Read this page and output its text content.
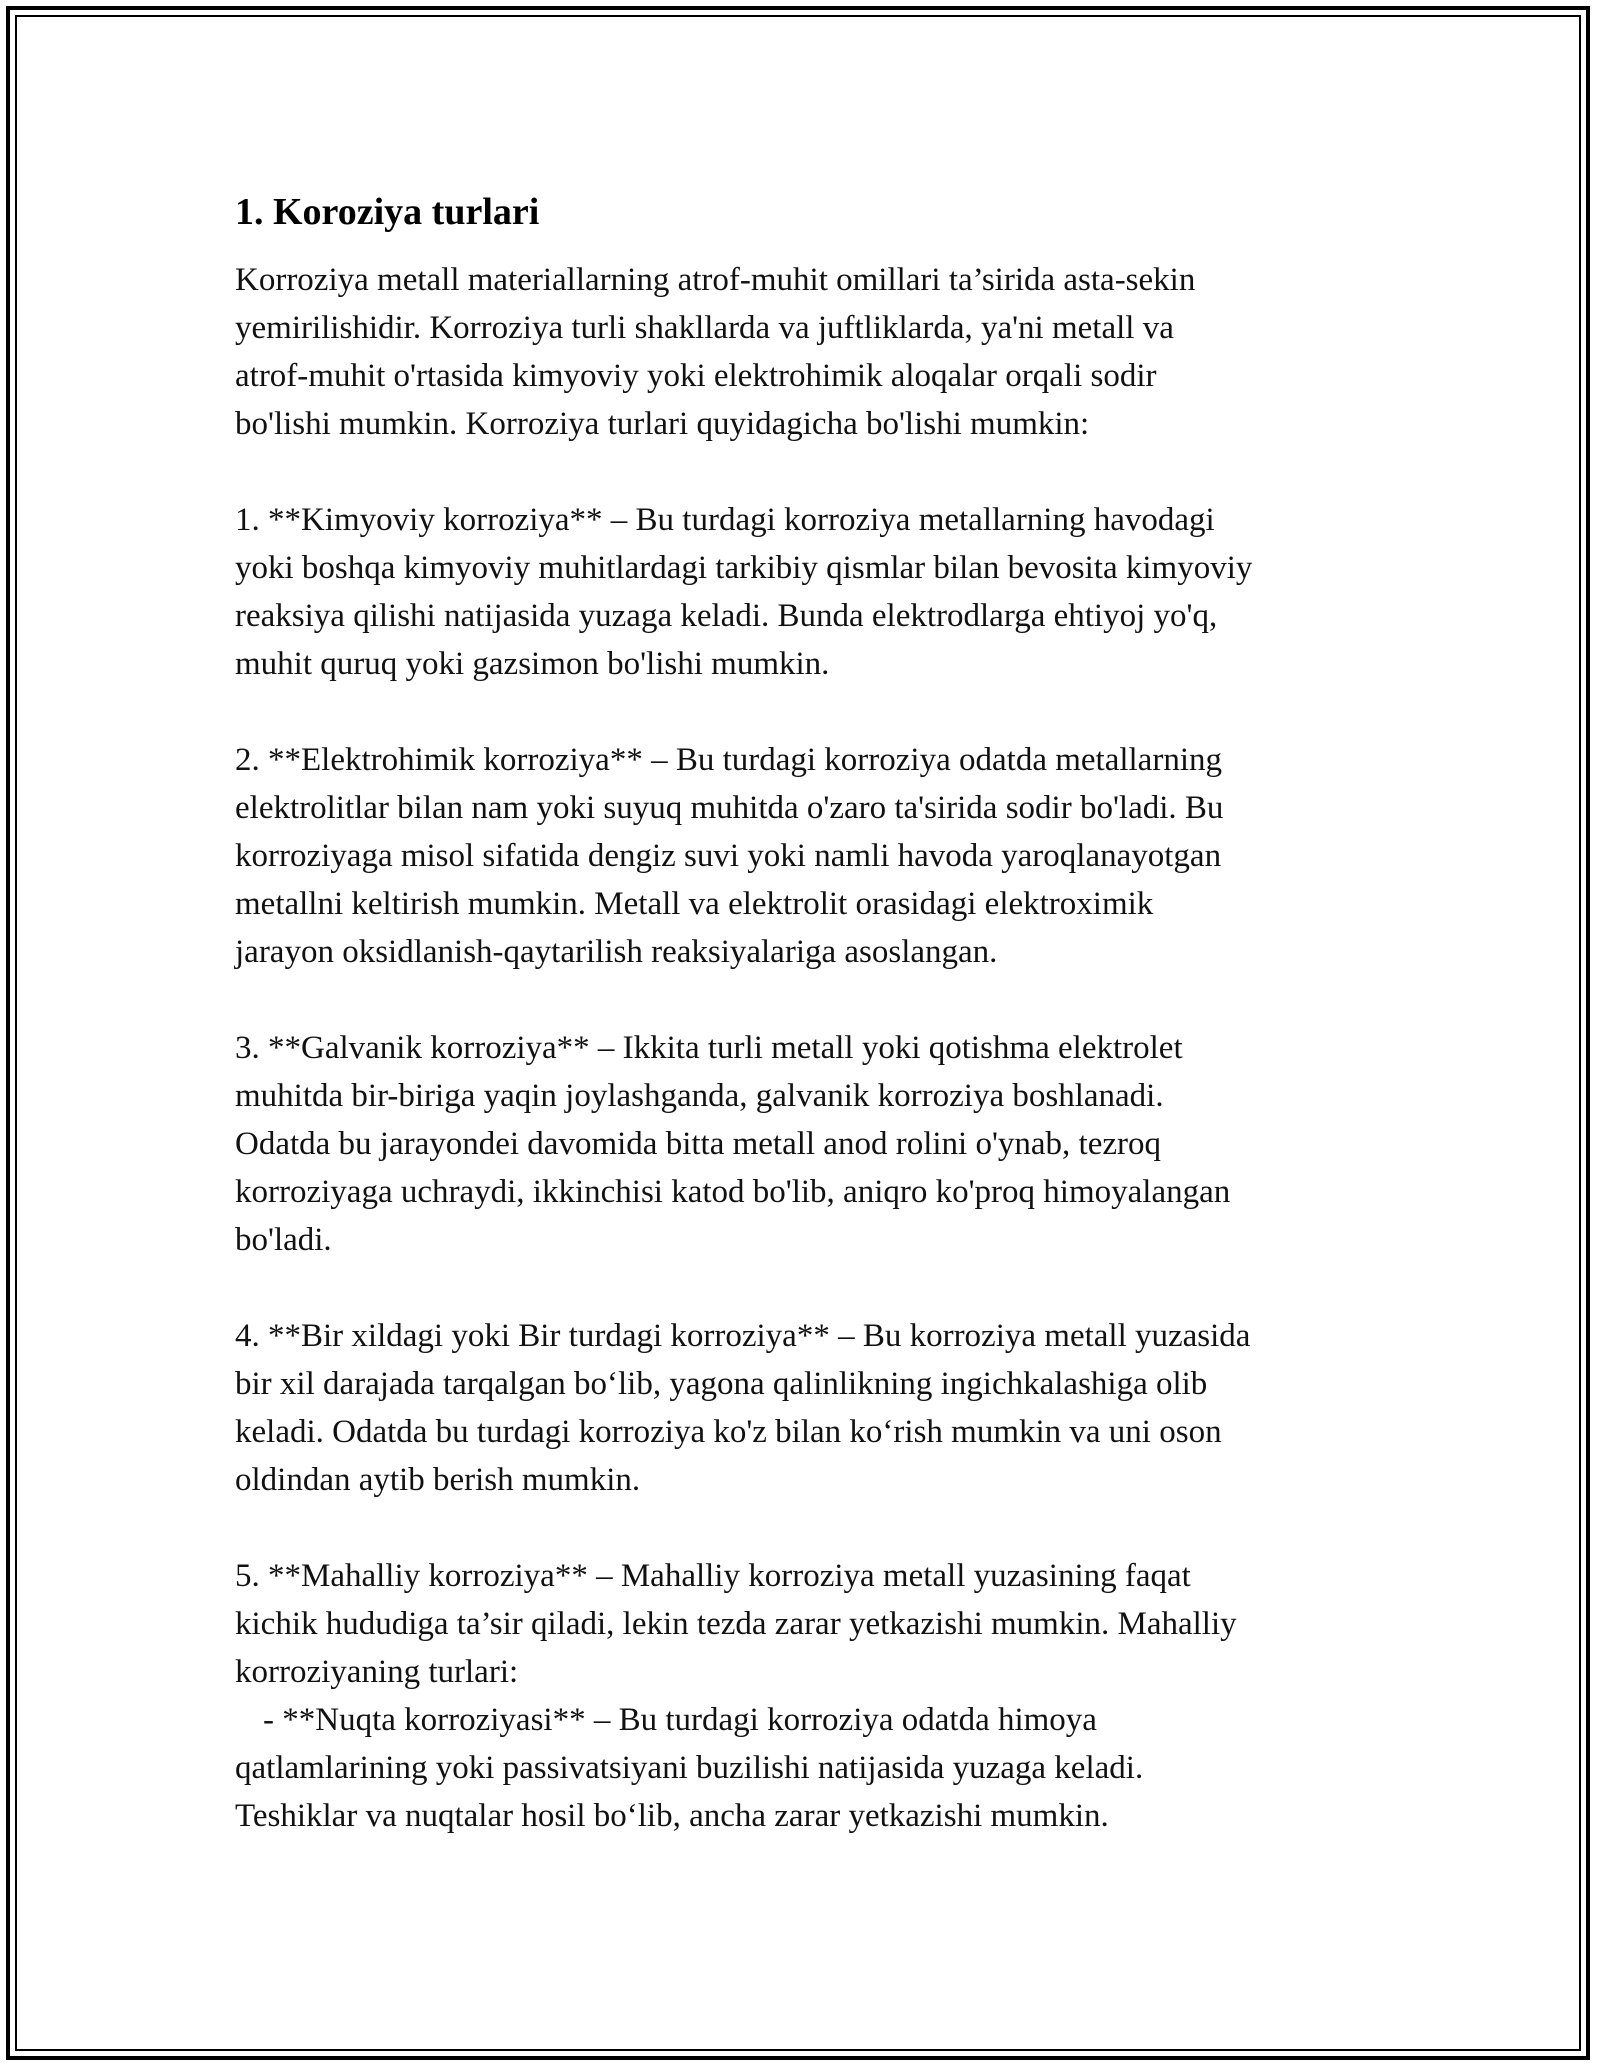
1. Koroziya turlari

Korroziya metall materiallarning atrof-muhit omillari ta’sirida asta-sekin
yemirilishidir. Korroziya turli shakllarda va juftliklarda, ya'ni metall va
atrof-muhit o'rtasida kimyoviy yoki elektrohimik aloqalar orqali sodir
bo'lishi mumkin. Korroziya turlari quyidagicha bo'lishi mumkin:

1. **Kimyoviy korroziya** – Bu turdagi korroziya metallarning havodagi
yoki boshqa kimyoviy muhitlardagi tarkibiy qismlar bilan bevosita kimyoviy
reaksiya qilishi natijasida yuzaga keladi. Bunda elektrodlarga ehtiyoj yo'q,
muhit quruq yoki gazsimon bo'lishi mumkin.

2. **Elektrohimik korroziya** – Bu turdagi korroziya odatda metallarning
elektrolitlar bilan nam yoki suyuq muhitda o'zaro ta'sirida sodir bo'ladi. Bu
korroziyaga misol sifatida dengiz suvi yoki namli havoda yaroqlanayotgan
metallni keltirish mumkin. Metall va elektrolit orasidagi elektroximik
jarayon oksidlanish-qaytarilish reaksiyalariga asoslangan.

3. **Galvanik korroziya** – Ikkita turli metall yoki qotishma elektrolet
muhitda bir-biriga yaqin joylashganda, galvanik korroziya boshlanadi.
Odatda bu jarayondei davomida bitta metall anod rolini o'ynab, tezroq
korroziyaga uchraydi, ikkinchisi katod bo'lib, aniqro ko'proq himoyalangan
bo'ladi.

4. **Bir xildagi yoki Bir turdagi korroziya** – Bu korroziya metall yuzasida
bir xil darajada tarqalgan bo‘lib, yagona qalinlikning ingichkalashiga olib
keladi. Odatda bu turdagi korroziya ko'z bilan ko‘rish mumkin va uni oson
oldindan aytib berish mumkin.

5. **Mahalliy korroziya** – Mahalliy korroziya metall yuzasining faqat
kichik hududiga ta’sir qiladi, lekin tezda zarar yetkazishi mumkin. Mahalliy
korroziyaning turlari:
- **Nuqta korroziyasi** – Bu turdagi korroziya odatda himoya
qatlamlarining yoki passivatsiyani buzilishi natijasida yuzaga keladi.
Teshiklar va nuqtalar hosil bo‘lib, ancha zarar yetkazishi mumkin.
